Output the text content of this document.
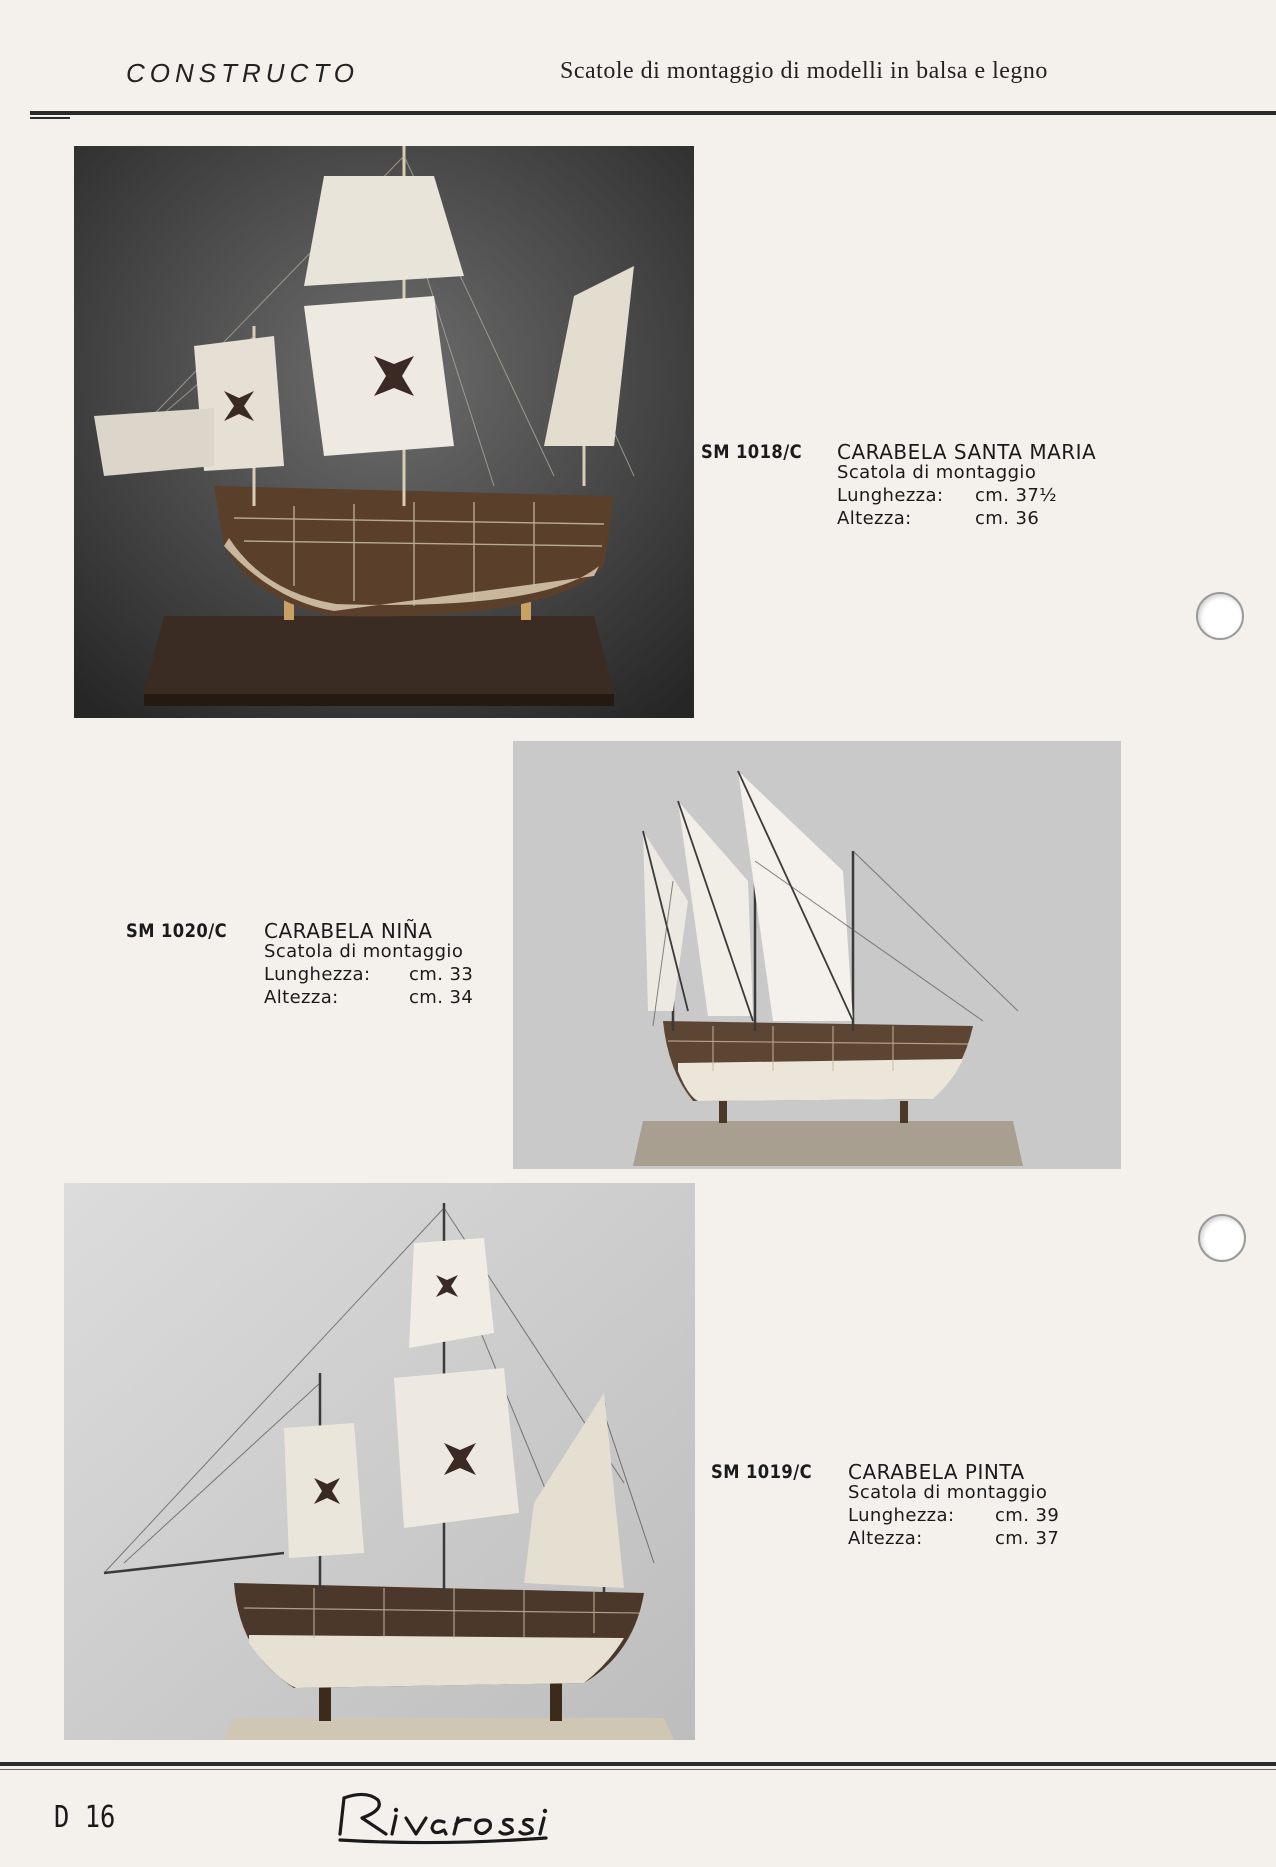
CONSTRUCTO	Scatole di montaggio di modelli in balsa e legno
SM 1018/C CARABELA SANTA MARIA
Scatola di montaggio
Lunghezza: cm. 37½
Altezza:	cm. 36
SM 1020/C CARABELA NIÑA
Scatola di montaggio
Lunghezza: cm. 33
Altezza:	cm. 34
SM 1019/C CARABELA PINTA
Scatola di montaggio
Lunghezza: cm. 39
Altezza:	cm. 37
D 16
